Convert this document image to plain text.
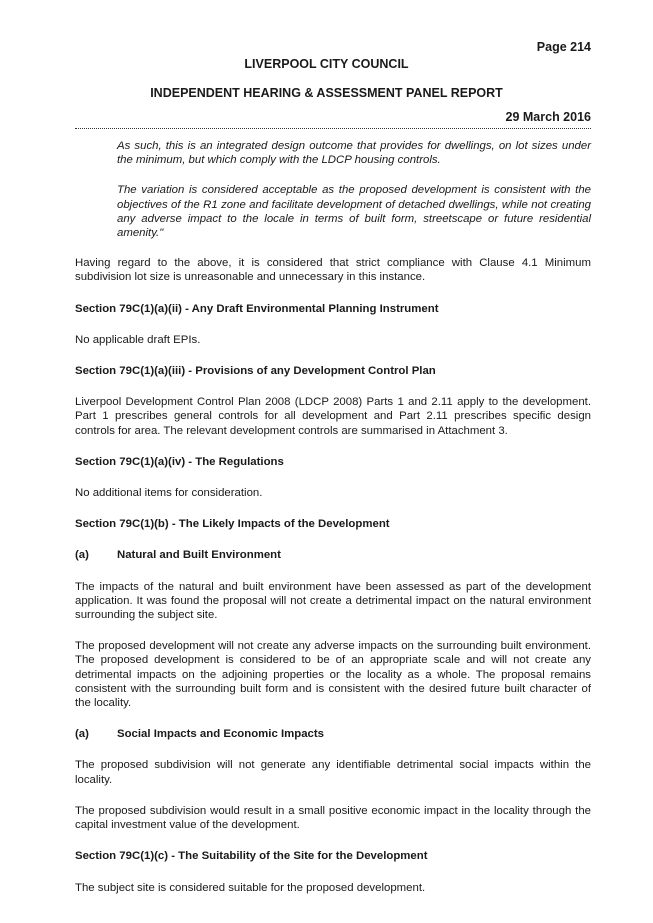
Page 214
LIVERPOOL CITY COUNCIL
INDEPENDENT HEARING & ASSESSMENT PANEL REPORT
29 March 2016

As such, this is an integrated design outcome that provides for dwellings, on lot sizes under the minimum, but which comply with the LDCP housing controls.

The variation is considered acceptable as the proposed development is consistent with the objectives of the R1 zone and facilitate development of detached dwellings, while not creating any adverse impact to the locale in terms of built form, streetscape or future residential amenity."

Having regard to the above, it is considered that strict compliance with Clause 4.1 Minimum subdivision lot size is unreasonable and unnecessary in this instance.

Section 79C(1)(a)(ii) - Any Draft Environmental Planning Instrument

No applicable draft EPIs.

Section 79C(1)(a)(iii) - Provisions of any Development Control Plan

Liverpool Development Control Plan 2008 (LDCP 2008) Parts 1 and 2.11 apply to the development. Part 1 prescribes general controls for all development and Part 2.11 prescribes specific design controls for area. The relevant development controls are summarised in Attachment 3.

Section 79C(1)(a)(iv) - The Regulations

No additional items for consideration.

Section 79C(1)(b) - The Likely Impacts of the Development

(a)	Natural and Built Environment

The impacts of the natural and built environment have been assessed as part of the development application. It was found the proposal will not create a detrimental impact on the natural environment surrounding the subject site.

The proposed development will not create any adverse impacts on the surrounding built environment. The proposed development is considered to be of an appropriate scale and will not create any detrimental impacts on the adjoining properties or the locality as a whole. The proposal remains consistent with the surrounding built form and is consistent with the desired future built character of the locality.

(a)	Social Impacts and Economic Impacts

The proposed subdivision will not generate any identifiable detrimental social impacts within the locality.

The proposed subdivision would result in a small positive economic impact in the locality through the capital investment value of the development.

Section 79C(1)(c) - The Suitability of the Site for the Development

The subject site is considered suitable for the proposed development.
